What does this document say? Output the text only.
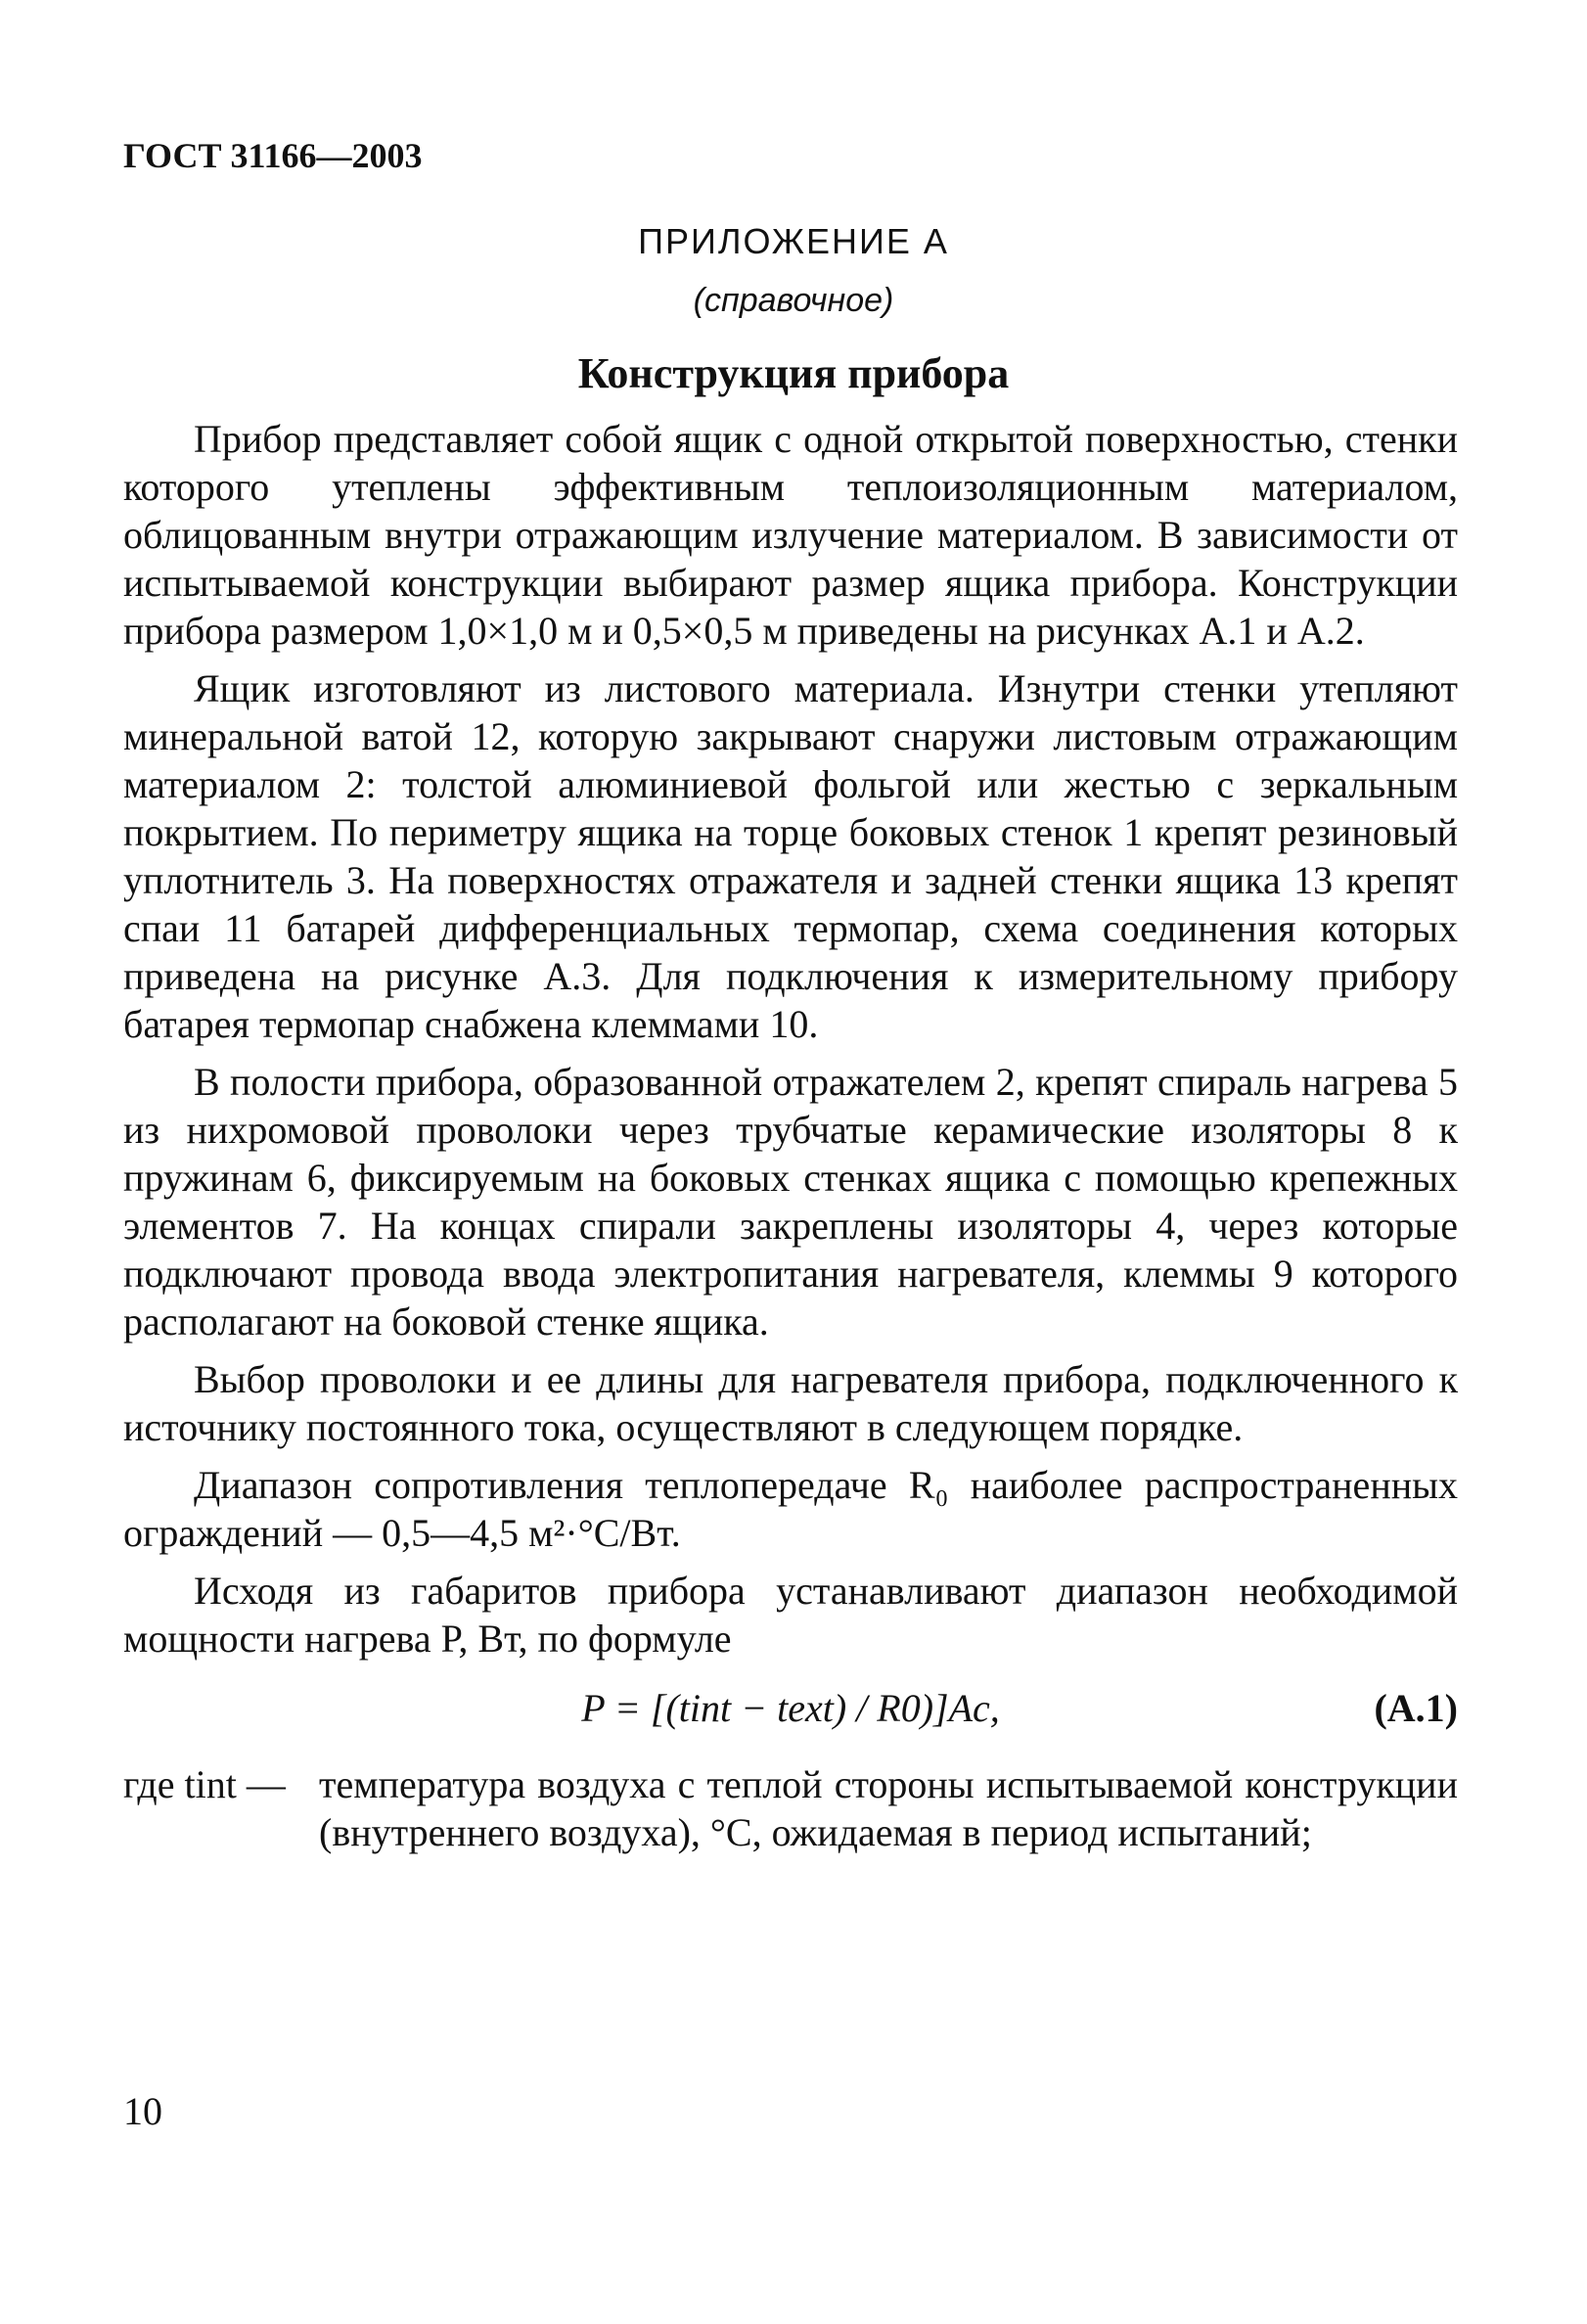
ГОСТ 31166—2003
ПРИЛОЖЕНИЕ А
(справочное)
Конструкция прибора

Прибор представляет собой ящик с одной открытой поверхностью, стенки которого утеплены эффективным теплоизоляционным материалом, облицованным внутри отражающим излучение материалом. В зависимости от испытываемой конструкции выбирают размер ящика прибора. Конструкции прибора размером 1,0×1,0 м и 0,5×0,5 м приведены на рисунках А.1 и А.2.

Ящик изготовляют из листового материала. Изнутри стенки утепляют минеральной ватой 12, которую закрывают снаружи листовым отражающим материалом 2: толстой алюминиевой фольгой или жестью с зеркальным покрытием. По периметру ящика на торце боковых стенок 1 крепят резиновый уплотнитель 3. На поверхностях отражателя и задней стенки ящика 13 крепят спаи 11 батарей дифференциальных термопар, схема соединения которых приведена на рисунке А.3. Для подключения к измерительному прибору батарея термопар снабжена клеммами 10.

В полости прибора, образованной отражателем 2, крепят спираль нагрева 5 из нихромовой проволоки через трубчатые керамические изоляторы 8 к пружинам 6, фиксируемым на боковых стенках ящика с помощью крепежных элементов 7. На концах спирали закреплены изоляторы 4, через которые подключают провода ввода электропитания нагревателя, клеммы 9 которого располагают на боковой стенке ящика.

Выбор проволоки и ее длины для нагревателя прибора, подключенного к источнику постоянного тока, осуществляют в следующем порядке.

Диапазон сопротивления теплопередаче R₀ наиболее распространенных ограждений — 0,5—4,5 м²·°С/Вт.

Исходя из габаритов прибора устанавливают диапазон необходимой мощности нагрева P, Вт, по формуле

P = [(tint − text) / R0)]Ac,	(А.1)
где tint — температура воздуха с теплой стороны испытываемой конструкции (внутреннего воздуха), °С, ожидаемая в период испытаний;
10
